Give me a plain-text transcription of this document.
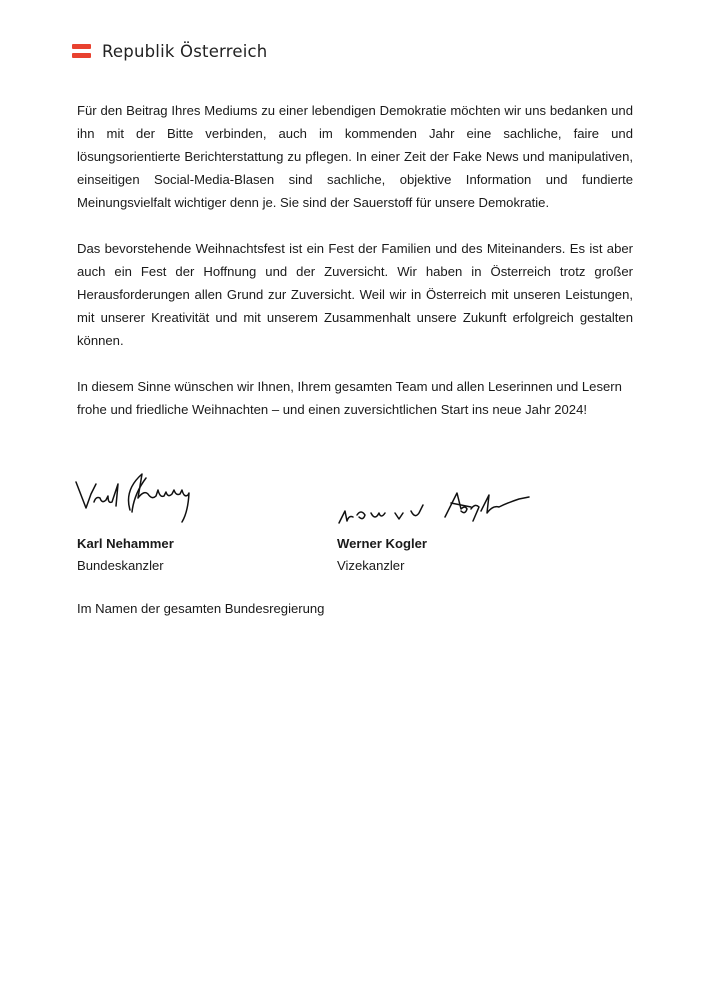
Republik Österreich

Für den Beitrag Ihres Mediums zu einer lebendigen Demokratie möchten wir uns bedanken und ihn mit der Bitte verbinden, auch im kommenden Jahr eine sachliche, faire und lösungsorientierte Berichterstattung zu pflegen. In einer Zeit der Fake News und manipulativen, einseitigen Social-Media-Blasen sind sachliche, objektive Information und fundierte Meinungsvielfalt wichtiger denn je. Sie sind der Sauerstoff für unsere Demokratie.

Das bevorstehende Weihnachtsfest ist ein Fest der Familien und des Miteinanders. Es ist aber auch ein Fest der Hoffnung und der Zuversicht. Wir haben in Österreich trotz großer Herausforderungen allen Grund zur Zuversicht. Weil wir in Österreich mit unseren Leistungen, mit unserer Kreativität und mit unserem Zusammenhalt unsere Zukunft erfolgreich gestalten können.

In diesem Sinne wünschen wir Ihnen, Ihrem gesamten Team und allen Leserinnen und Lesern frohe und friedliche Weihnachten – und einen zuversichtlichen Start ins neue Jahr 2024!

Karl Nehammer
Bundeskanzler
Werner Kogler
Vizekanzler
Im Namen der gesamten Bundesregierung
